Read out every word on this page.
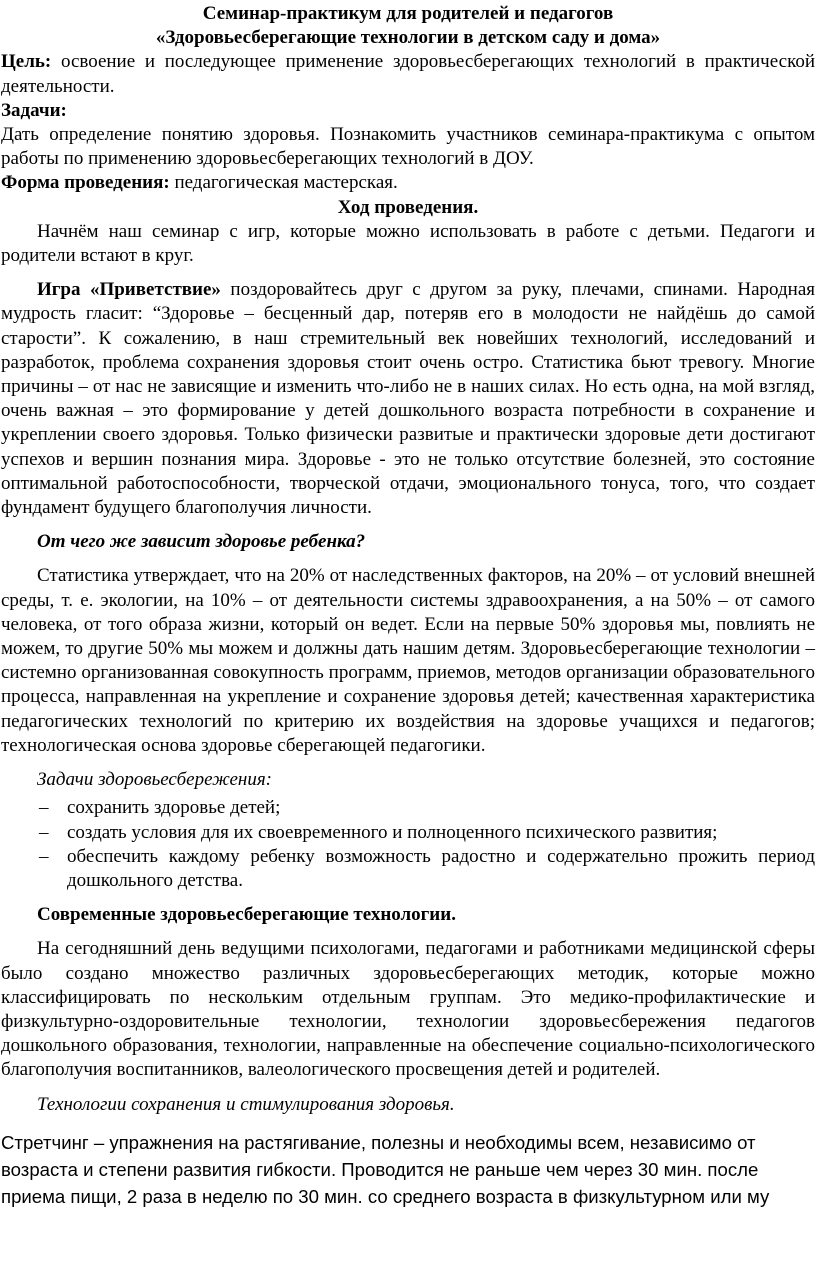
Семинар-практикум для родителей и педагогов

«Здоровьесберегающие технологии в детском саду и дома»

Цель: освоение и последующее применение здоровьесберегающих технологий в практической деятельности.

Задачи:

Дать определение понятию здоровья. Познакомить участников семинара-практикума с опытом работы по применению здоровьесберегающих технологий в ДОУ.

Форма проведения: педагогическая мастерская.

Ход проведения.

Начнём наш семинар с игр, которые можно использовать в работе с детьми. Педагоги и родители встают в круг.

Игра «Приветствие» поздоровайтесь друг с другом за руку, плечами, спинами. Народная мудрость гласит: “Здоровье – бесценный дар, потеряв его в молодости не найдёшь до самой старости”. К сожалению, в наш стремительный век новейших технологий, исследований и разработок, проблема сохранения здоровья стоит очень остро. Статистика бьют тревогу. Многие причины – от нас не зависящие и изменить что-либо не в наших силах. Но есть одна, на мой взгляд, очень важная – это формирование у детей дошкольного возраста потребности в сохранение и укреплении своего здоровья. Только физически развитые и практически здоровые дети достигают успехов и вершин познания мира. Здоровье - это не только отсутствие болезней, это состояние оптимальной работоспособности, творческой отдачи, эмоционального тонуса, того, что создает фундамент будущего благополучия личности.

От чего же зависит здоровье ребенка?

Статистика утверждает, что на 20% от наследственных факторов, на 20% – от условий внешней среды, т. е. экологии, на 10% – от деятельности системы здравоохранения, а на 50% – от самого человека, от того образа жизни, который он ведет. Если на первые 50% здоровья мы, повлиять не можем, то другие 50% мы можем и должны дать нашим детям. Здоровьесберегающие технологии – системно организованная совокупность программ, приемов, методов организации образовательного процесса, направленная на укрепление и сохранение здоровья детей; качественная характеристика педагогических технологий по критерию их воздействия на здоровье учащихся и педагогов; технологическая основа здоровье сберегающей педагогики.

Задачи здоровьесбережения:

– сохранить здоровье детей;
– создать условия для их своевременного и полноценного психического развития;
– обеспечить каждому ребенку возможность радостно и содержательно прожить период дошкольного детства.

Современные здоровьесберегающие технологии.

На сегодняшний день ведущими психологами, педагогами и работниками медицинской сферы было создано множество различных здоровьесберегающих методик, которые можно классифицировать по нескольким отдельным группам. Это медико-профилактические и физкультурно-оздоровительные технологии, технологии здоровьесбережения педагогов дошкольного образования, технологии, направленные на обеспечение социально-психологического благополучия воспитанников, валеологического просвещения детей и родителей.

Технологии сохранения и стимулирования здоровья.

Стретчинг – упражнения на растягивание, полезны и необходимы всем, независимо от возраста и степени развития гибкости. Проводится не раньше чем через 30 мин. после приема пищи, 2 раза в неделю по 30 мин. со среднего возраста в физкультурном или му
